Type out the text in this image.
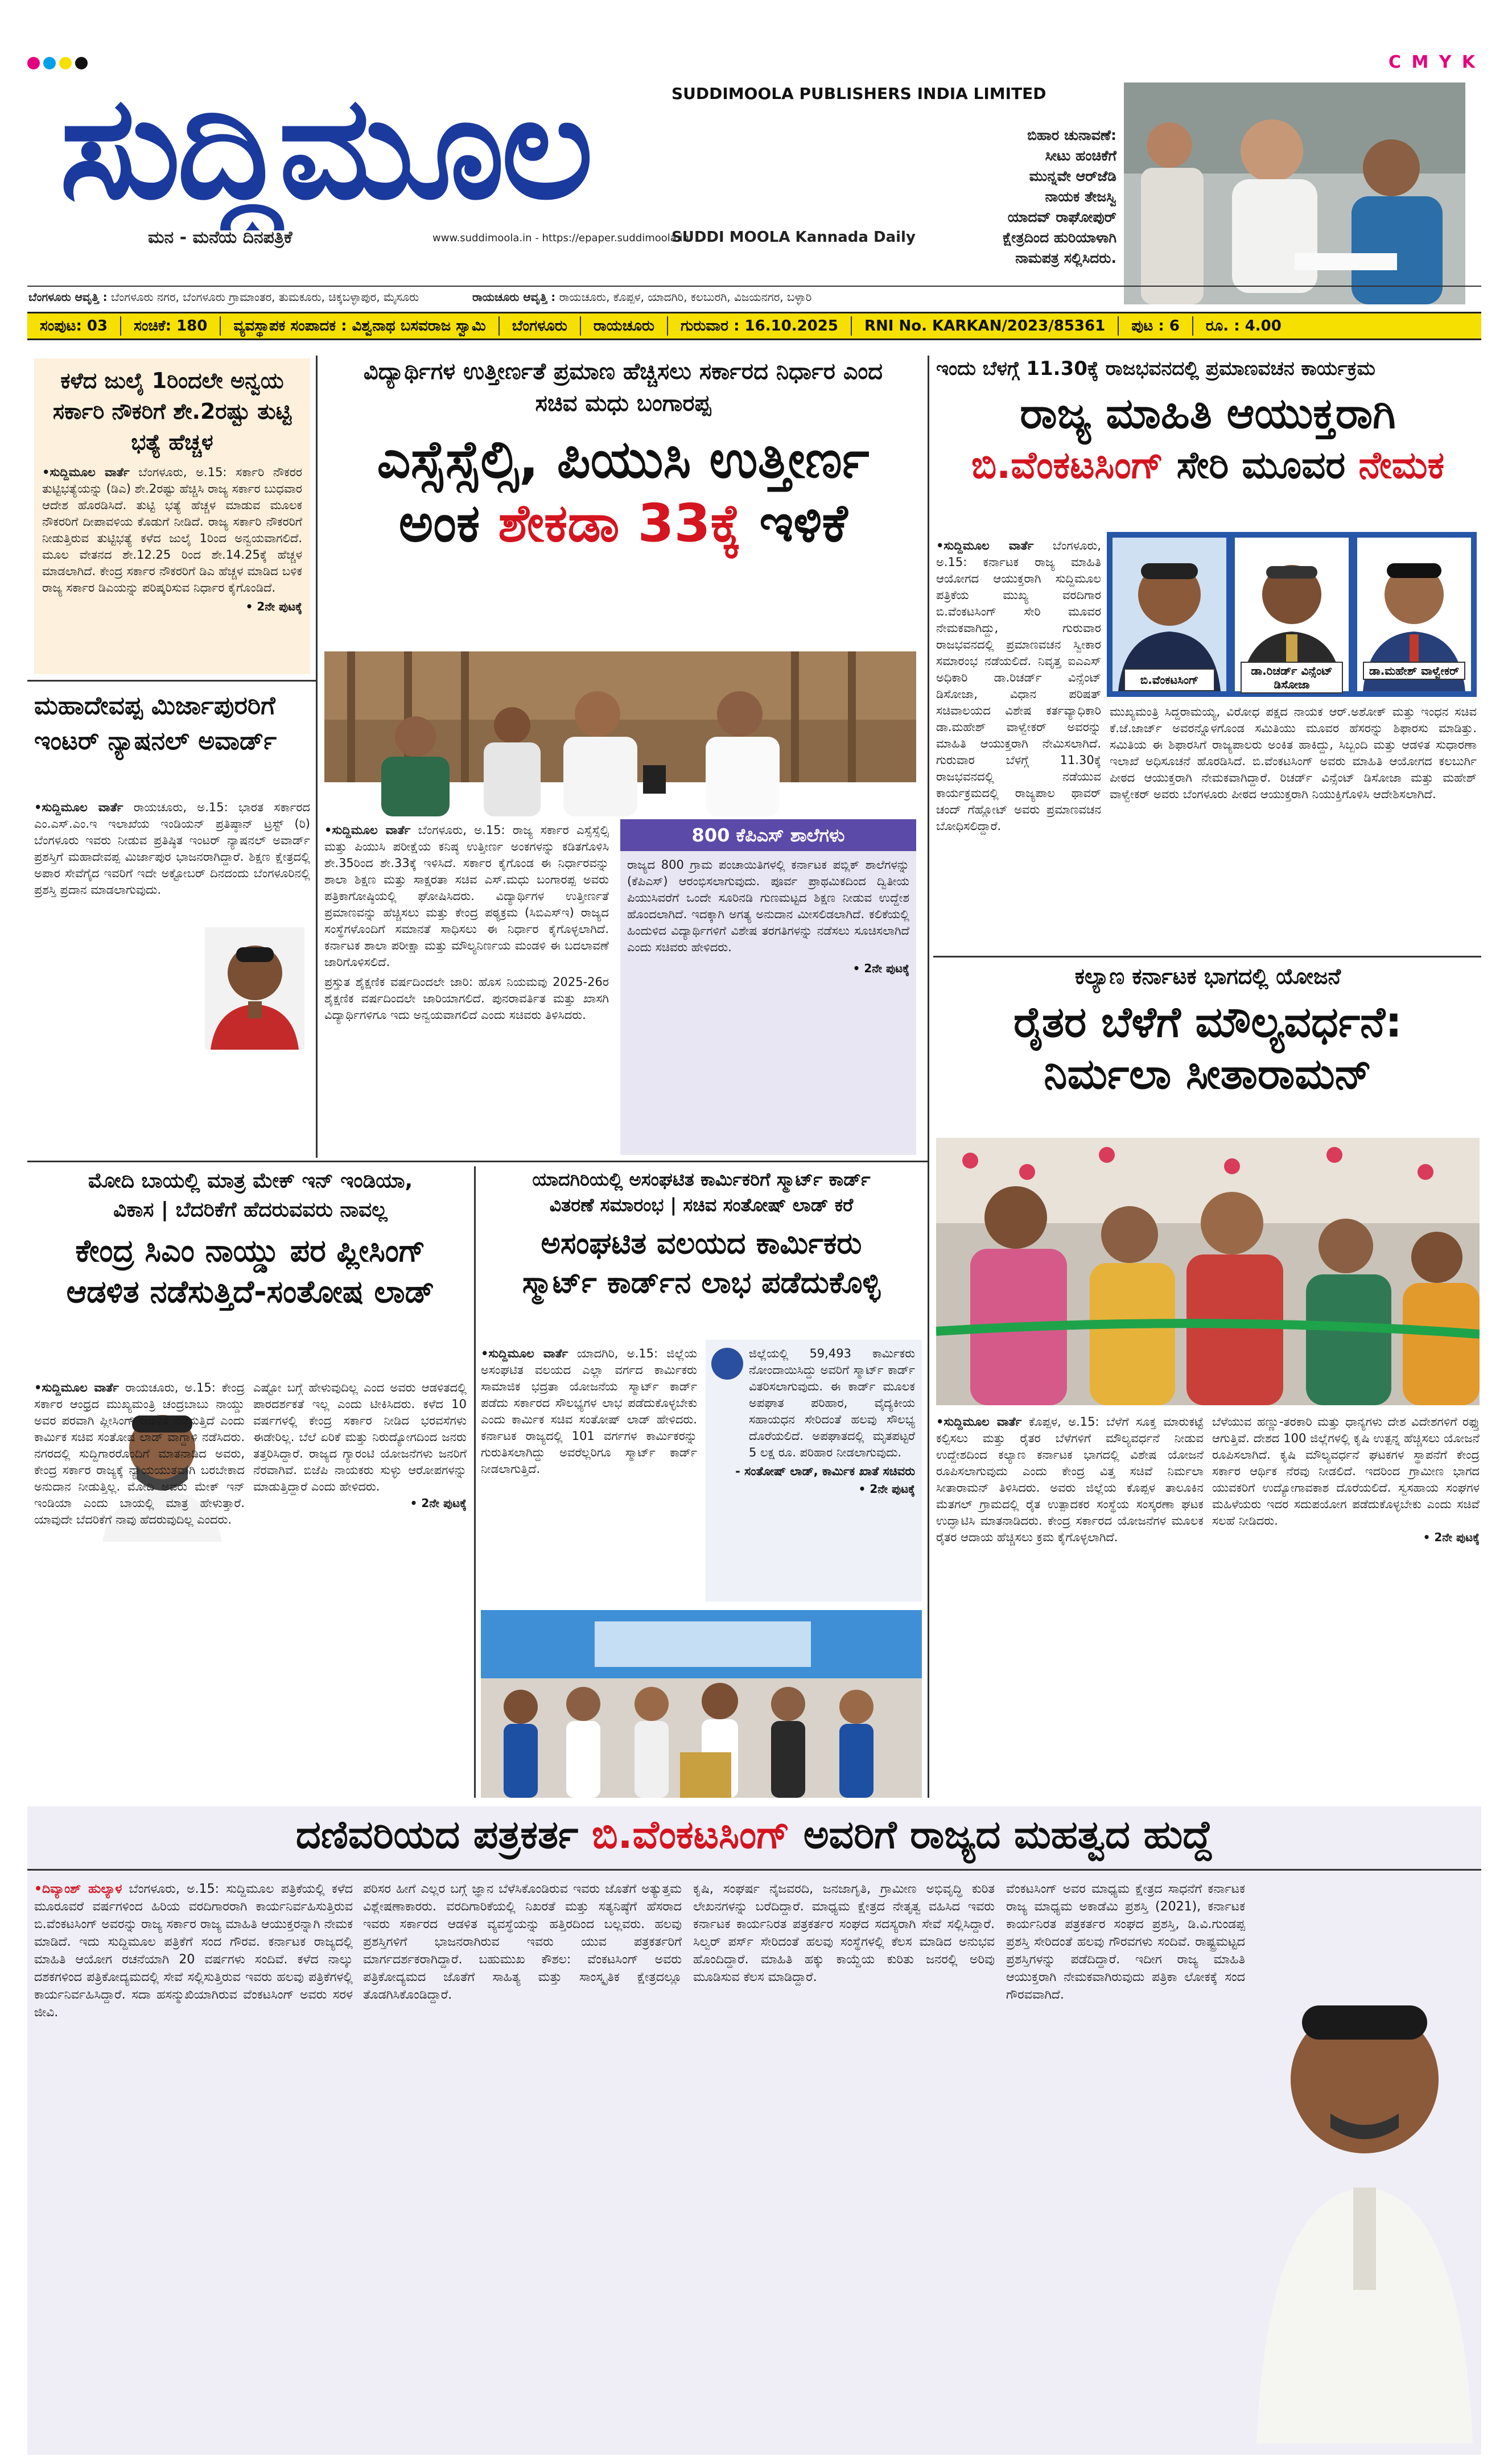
C M Y K
ಸುದ್ದಿಮೂಲ	SUDDIMOOLA PUBLISHERS INDIA LIMITED
ಮನ - ಮನೆಯ ದಿನಪತ್ರಿಕೆ	www.suddimoola.in - https://epaper.suddimoola.in
SUDDI MOOLA Kannada Daily
ಬಿಹಾರ ಚುನಾವಣೆ: ಸೀಟು ಹಂಚಿಕೆಗೆ ಮುನ್ನವೇ ಆರ್‌ಜೆಡಿ ನಾಯಕ ತೇಜಸ್ವಿ ಯಾದವ್ ರಾಘೋಪುರ್ ಕ್ಷೇತ್ರದಿಂದ ಹುರಿಯಾಳಾಗಿ ನಾಮಪತ್ರ ಸಲ್ಲಿಸಿದರು.
ಬೆಂಗಳೂರು ಆವೃತ್ತಿ : ಬೆಂಗಳೂರು ನಗರ, ಬೆಂಗಳೂರು ಗ್ರಾಮಾಂತರ, ತುಮಕೂರು, ಚಿಕ್ಕಬಳ್ಳಾಪುರ, ಮೈಸೂರು	ರಾಯಚೂರು ಆವೃತ್ತಿ : ರಾಯಚೂರು, ಕೊಪ್ಪಳ, ಯಾದಗಿರಿ, ಕಲಬುರಗಿ, ವಿಜಯನಗರ, ಬಳ್ಳಾರಿ
ಸಂಪುಟ: 03	ಸಂಚಿಕೆ: 180	ವ್ಯವಸ್ಥಾಪಕ ಸಂಪಾದಕ : ವಿಶ್ವನಾಥ ಬಸವರಾಜ ಸ್ವಾಮಿ	ಬೆಂಗಳೂರು	ರಾಯಚೂರು	ಗುರುವಾರ : 16.10.2025	RNI No. KARKAN/2023/85361	ಪುಟ : 6	ರೂ. : 4.00
ಕಳೆದ ಜುಲೈ 1ರಿಂದಲೇ ಅನ್ವಯ ಸರ್ಕಾರಿ ನೌಕರಿಗೆ ಶೇ.2ರಷ್ಟು ತುಟ್ಟಿ ಭತ್ಯೆ ಹೆಚ್ಚಳ
•ಸುದ್ದಿಮೂಲ ವಾರ್ತೆ ಬೆಂಗಳೂರು, ಅ.15: ಸರ್ಕಾರಿ ನೌಕರರ ತುಟ್ಟಿಭತ್ಯೆಯನ್ನು (ಡಿಎ) ಶೇ.2ರಷ್ಟು ಹೆಚ್ಚಿಸಿ ರಾಜ್ಯ ಸರ್ಕಾರ ಬುಧವಾರ ಆದೇಶ ಹೊರಡಿಸಿದೆ. ತುಟ್ಟಿ ಭತ್ಯೆ ಹೆಚ್ಚಳ ಮಾಡುವ ಮೂಲಕ ನೌಕರರಿಗೆ ದೀಪಾವಳಿಯ ಕೊಡುಗೆ ನೀಡಿದೆ. ರಾಜ್ಯ ಸರ್ಕಾರಿ ನೌಕರರಿಗೆ ನೀಡುತ್ತಿರುವ ತುಟ್ಟಿಭತ್ಯೆ ಕಳೆದ ಜುಲೈ 1ರಿಂದ ಅನ್ವಯವಾಗಲಿದೆ. ಮೂಲ ವೇತನದ ಶೇ.12.25 ರಿಂದ ಶೇ.14.25ಕ್ಕೆ ಹೆಚ್ಚಳ ಮಾಡಲಾಗಿದೆ. ಕೇಂದ್ರ ಸರ್ಕಾರ ನೌಕರರಿಗೆ ಡಿಎ ಹೆಚ್ಚಳ ಮಾಡಿದ ಬಳಿಕ ರಾಜ್ಯ ಸರ್ಕಾರ ಡಿಎಯನ್ನು ಪರಿಷ್ಕರಿಸುವ ನಿರ್ಧಾರ ಕೈಗೊಂಡಿದೆ.
• 2ನೇ ಪುಟಕ್ಕೆ
ಮಹಾದೇವಪ್ಪ ಮಿರ್ಜಾಪುರರಿಗೆ ಇಂಟರ್ ನ್ಯಾಷನಲ್ ಅವಾರ್ಡ್
•ಸುದ್ದಿಮೂಲ ವಾರ್ತೆ ರಾಯಚೂರು, ಅ.15: ಭಾರತ ಸರ್ಕಾರದ ಎಂ.ಎಸ್.ಎಂ.ಇ ಇಲಾಖೆಯ ಇಂಡಿಯನ್ ಪ್ರತಿಷ್ಠಾನ್ ಟ್ರಸ್ಟ್ (ರಿ) ಬೆಂಗಳೂರು ಇವರು ನೀಡುವ ಪ್ರತಿಷ್ಠಿತ ಇಂಟರ್ ನ್ಯಾಷನಲ್ ಅವಾರ್ಡ್ ಪ್ರಶಸ್ತಿಗೆ ಮಹಾದೇವಪ್ಪ ಮಿರ್ಜಾಪುರ ಭಾಜನರಾಗಿದ್ದಾರೆ. ಶಿಕ್ಷಣ ಕ್ಷೇತ್ರದಲ್ಲಿ ಅಪಾರ ಸೇವೆಗೈದ ಇವರಿಗೆ ಇದೇ ಅಕ್ಟೋಬರ್ ದಿನದಂದು ಬೆಂಗಳೂರಿನಲ್ಲಿ ಪ್ರಶಸ್ತಿ ಪ್ರದಾನ ಮಾಡಲಾಗುವುದು.
ವಿದ್ಯಾರ್ಥಿಗಳ ಉತ್ತೀರ್ಣತೆ ಪ್ರಮಾಣ ಹೆಚ್ಚಿಸಲು ಸರ್ಕಾರದ ನಿರ್ಧಾರ ಎಂದ ಸಚಿವ ಮಧು ಬಂಗಾರಪ್ಪ
ಎಸ್ಸೆಸ್ಸೆಲ್ಸಿ, ಪಿಯುಸಿ ಉತ್ತೀರ್ಣ
ಅಂಕ ಶೇಕಡಾ 33ಕ್ಕೆ ಇಳಿಕೆ
•ಸುದ್ದಿಮೂಲ ವಾರ್ತೆ ಬೆಂಗಳೂರು, ಅ.15: ರಾಜ್ಯ ಸರ್ಕಾರ ಎಸ್ಸೆಸ್ಸೆಲ್ಸಿ ಮತ್ತು ಪಿಯುಸಿ ಪರೀಕ್ಷೆಯ ಕನಿಷ್ಠ ಉತ್ತೀರ್ಣ ಅಂಕಗಳನ್ನು ಕಡಿತಗೊಳಿಸಿ ಶೇ.35ರಿಂದ ಶೇ.33ಕ್ಕೆ ಇಳಿಸಿದೆ. ಸರ್ಕಾರ ಕೈಗೊಂಡ ಈ ನಿರ್ಧಾರವನ್ನು ಶಾಲಾ ಶಿಕ್ಷಣ ಮತ್ತು ಸಾಕ್ಷರತಾ ಸಚಿವ ಎಸ್.ಮಧು ಬಂಗಾರಪ್ಪ ಅವರು ಪತ್ರಿಕಾಗೋಷ್ಠಿಯಲ್ಲಿ ಘೋಷಿಸಿದರು. ವಿದ್ಯಾರ್ಥಿಗಳ ಉತ್ತೀರ್ಣತೆ ಪ್ರಮಾಣವನ್ನು ಹೆಚ್ಚಿಸಲು ಮತ್ತು ಕೇಂದ್ರ ಪಠ್ಯಕ್ರಮ (ಸಿಬಿಎಸ್‌ಇ) ರಾಜ್ಯದ ಸಂಸ್ಥೆಗಳೊಂದಿಗೆ ಸಮಾನತೆ ಸಾಧಿಸಲು ಈ ನಿರ್ಧಾರ ಕೈಗೊಳ್ಳಲಾಗಿದೆ. ಕರ್ನಾಟಕ ಶಾಲಾ ಪರೀಕ್ಷಾ ಮತ್ತು ಮೌಲ್ಯನಿರ್ಣಯ ಮಂಡಳಿ ಈ ಬದಲಾವಣೆ ಜಾರಿಗೊಳಿಸಲಿದೆ.
ಪ್ರಸ್ತುತ ಶೈಕ್ಷಣಿಕ ವರ್ಷದಿಂದಲೇ ಜಾರಿ: ಹೊಸ ನಿಯಮವು 2025-26ರ ಶೈಕ್ಷಣಿಕ ವರ್ಷದಿಂದಲೇ ಜಾರಿಯಾಗಲಿದೆ. ಪುನರಾವರ್ತಿತ ಮತ್ತು ಖಾಸಗಿ ವಿದ್ಯಾರ್ಥಿಗಳಿಗೂ ಇದು ಅನ್ವಯವಾಗಲಿದೆ ಎಂದು ಸಚಿವರು ತಿಳಿಸಿದರು.
800 ಕೆಪಿಎಸ್ ಶಾಲೆಗಳು
ರಾಜ್ಯದ 800 ಗ್ರಾಮ ಪಂಚಾಯಿತಿಗಳಲ್ಲಿ ಕರ್ನಾಟಕ ಪಬ್ಲಿಕ್ ಶಾಲೆಗಳನ್ನು (ಕೆಪಿಎಸ್) ಆರಂಭಿಸಲಾಗುವುದು. ಪೂರ್ವ ಪ್ರಾಥಮಿಕದಿಂದ ದ್ವಿತೀಯ ಪಿಯುಸಿವರೆಗೆ ಒಂದೇ ಸೂರಿನಡಿ ಗುಣಮಟ್ಟದ ಶಿಕ್ಷಣ ನೀಡುವ ಉದ್ದೇಶ ಹೊಂದಲಾಗಿದೆ. ಇದಕ್ಕಾಗಿ ಅಗತ್ಯ ಅನುದಾನ ಮೀಸಲಿಡಲಾಗಿದೆ. ಕಲಿಕೆಯಲ್ಲಿ ಹಿಂದುಳಿದ ವಿದ್ಯಾರ್ಥಿಗಳಿಗೆ ವಿಶೇಷ ತರಗತಿಗಳನ್ನು ನಡೆಸಲು ಸೂಚಿಸಲಾಗಿದೆ ಎಂದು ಸಚಿವರು ಹೇಳಿದರು.
• 2ನೇ ಪುಟಕ್ಕೆ
ಇಂದು ಬೆಳಗ್ಗೆ 11.30ಕ್ಕೆ ರಾಜಭವನದಲ್ಲಿ ಪ್ರಮಾಣವಚನ ಕಾರ್ಯಕ್ರಮ
ರಾಜ್ಯ ಮಾಹಿತಿ ಆಯುಕ್ತರಾಗಿ
ಬಿ.ವೆಂಕಟಸಿಂಗ್ ಸೇರಿ ಮೂವರ ನೇಮಕ
ಬಿ.ವೆಂಕಟಸಿಂಗ್
ಡಾ.ರಿಚರ್ಡ್ ವಿನ್ಸೆಂಟ್ ಡಿಸೋಜಾ
ಡಾ.ಮಹೇಶ್ ವಾಳ್ವೇಕರ್
•ಸುದ್ದಿಮೂಲ ವಾರ್ತೆ ಬೆಂಗಳೂರು, ಅ.15: ಕರ್ನಾಟಕ ರಾಜ್ಯ ಮಾಹಿತಿ ಆಯೋಗದ ಆಯುಕ್ತರಾಗಿ ಸುದ್ದಿಮೂಲ ಪತ್ರಿಕೆಯ ಮುಖ್ಯ ವರದಿಗಾರ ಬಿ.ವೆಂಕಟಸಿಂಗ್ ಸೇರಿ ಮೂವರ ನೇಮಕವಾಗಿದ್ದು, ಗುರುವಾರ ರಾಜಭವನದಲ್ಲಿ ಪ್ರಮಾಣವಚನ ಸ್ವೀಕಾರ ಸಮಾರಂಭ ನಡೆಯಲಿದೆ. ನಿವೃತ್ತ ಐಎಎಸ್ ಅಧಿಕಾರಿ ಡಾ.ರಿಚರ್ಡ್ ವಿನ್ಸೆಂಟ್ ಡಿಸೋಜಾ, ವಿಧಾನ ಪರಿಷತ್ ಸಚಿವಾಲಯದ ವಿಶೇಷ ಕರ್ತವ್ಯಾಧಿಕಾರಿ ಡಾ.ಮಹೇಶ್ ವಾಳ್ವೇಕರ್ ಅವರನ್ನು ಮಾಹಿತಿ ಆಯುಕ್ತರಾಗಿ ನೇಮಿಸಲಾಗಿದೆ. ಗುರುವಾರ ಬೆಳಗ್ಗೆ 11.30ಕ್ಕೆ ರಾಜಭವನದಲ್ಲಿ ನಡೆಯುವ ಕಾರ್ಯಕ್ರಮದಲ್ಲಿ ರಾಜ್ಯಪಾಲ ಥಾವರ್ ಚಂದ್ ಗೆಹ್ಲೋಟ್ ಅವರು ಪ್ರಮಾಣವಚನ ಬೋಧಿಸಲಿದ್ದಾರೆ.
ಮುಖ್ಯಮಂತ್ರಿ ಸಿದ್ದರಾಮಯ್ಯ, ವಿರೋಧ ಪಕ್ಷದ ನಾಯಕ ಆರ್.ಅಶೋಕ್ ಮತ್ತು ಇಂಧನ ಸಚಿವ ಕೆ.ಜೆ.ಜಾರ್ಜ್ ಅವರನ್ನೊಳಗೊಂಡ ಸಮಿತಿಯು ಮೂವರ ಹೆಸರನ್ನು ಶಿಫಾರಸು ಮಾಡಿತ್ತು. ಸಮಿತಿಯ ಈ ಶಿಫಾರಸಿಗೆ ರಾಜ್ಯಪಾಲರು ಅಂಕಿತ ಹಾಕಿದ್ದು, ಸಿಬ್ಬಂದಿ ಮತ್ತು ಆಡಳಿತ ಸುಧಾರಣಾ ಇಲಾಖೆ ಅಧಿಸೂಚನೆ ಹೊರಡಿಸಿದೆ. ಬಿ.ವೆಂಕಟಸಿಂಗ್ ಅವರು ಮಾಹಿತಿ ಆಯೋಗದ ಕಲಬುರ್ಗಿ ಪೀಠದ ಆಯುಕ್ತರಾಗಿ ನೇಮಕವಾಗಿದ್ದಾರೆ. ರಿಚರ್ಡ್ ವಿನ್ಸೆಂಟ್ ಡಿಸೋಜಾ ಮತ್ತು ಮಹೇಶ್ ವಾಳ್ವೇಕರ್ ಅವರು ಬೆಂಗಳೂರು ಪೀಠದ ಆಯುಕ್ತರಾಗಿ ನಿಯುಕ್ತಿಗೊಳಿಸಿ ಆದೇಶಿಸಲಾಗಿದೆ.
ಕಲ್ಯಾಣ ಕರ್ನಾಟಕ ಭಾಗದಲ್ಲಿ ಯೋಜನೆ
ರೈತರ ಬೆಳೆಗೆ ಮೌಲ್ಯವರ್ಧನೆ:
ನಿರ್ಮಲಾ ಸೀತಾರಾಮನ್
•ಸುದ್ದಿಮೂಲ ವಾರ್ತೆ ಕೊಪ್ಪಳ, ಅ.15: ಬೆಳೆಗೆ ಸೂಕ್ತ ಮಾರುಕಟ್ಟೆ ಕಲ್ಪಿಸಲು ಮತ್ತು ರೈತರ ಬೆಳೆಗಳಿಗೆ ಮೌಲ್ಯವರ್ಧನೆ ನೀಡುವ ಉದ್ದೇಶದಿಂದ ಕಲ್ಯಾಣ ಕರ್ನಾಟಕ ಭಾಗದಲ್ಲಿ ವಿಶೇಷ ಯೋಜನೆ ರೂಪಿಸಲಾಗುವುದು ಎಂದು ಕೇಂದ್ರ ವಿತ್ತ ಸಚಿವೆ ನಿರ್ಮಲಾ ಸೀತಾರಾಮನ್ ತಿಳಿಸಿದರು. ಅವರು ಜಿಲ್ಲೆಯ ಕೊಪ್ಪಳ ತಾಲೂಕಿನ ಮೆತಗಲ್ ಗ್ರಾಮದಲ್ಲಿ ರೈತ ಉತ್ಪಾದಕರ ಸಂಸ್ಥೆಯ ಸಂಸ್ಕರಣಾ ಘಟಕ ಉದ್ಘಾಟಿಸಿ ಮಾತನಾಡಿದರು. ಕೇಂದ್ರ ಸರ್ಕಾರದ ಯೋಜನೆಗಳ ಮೂಲಕ ರೈತರ ಆದಾಯ ಹೆಚ್ಚಿಸಲು ಕ್ರಮ ಕೈಗೊಳ್ಳಲಾಗಿದೆ.
ಬೆಳೆಯುವ ಹಣ್ಣು-ತರಕಾರಿ ಮತ್ತು ಧಾನ್ಯಗಳು ದೇಶ ವಿದೇಶಗಳಿಗೆ ರಫ್ತು ಆಗುತ್ತಿವೆ. ದೇಶದ 100 ಜಿಲ್ಲೆಗಳಲ್ಲಿ ಕೃಷಿ ಉತ್ಪನ್ನ ಹೆಚ್ಚಿಸಲು ಯೋಜನೆ ರೂಪಿಸಲಾಗಿದೆ. ಕೃಷಿ ಮೌಲ್ಯವರ್ಧನೆ ಘಟಕಗಳ ಸ್ಥಾಪನೆಗೆ ಕೇಂದ್ರ ಸರ್ಕಾರ ಆರ್ಥಿಕ ನೆರವು ನೀಡಲಿದೆ. ಇದರಿಂದ ಗ್ರಾಮೀಣ ಭಾಗದ ಯುವಕರಿಗೆ ಉದ್ಯೋಗಾವಕಾಶ ದೊರೆಯಲಿದೆ. ಸ್ವಸಹಾಯ ಸಂಘಗಳ ಮಹಿಳೆಯರು ಇದರ ಸದುಪಯೋಗ ಪಡೆದುಕೊಳ್ಳಬೇಕು ಎಂದು ಸಚಿವೆ ಸಲಹೆ ನೀಡಿದರು.
• 2ನೇ ಪುಟಕ್ಕೆ
ಮೋದಿ ಬಾಯಲ್ಲಿ ಮಾತ್ರ ಮೇಕ್ ಇನ್ ಇಂಡಿಯಾ,
ವಿಕಾಸ | ಬೆದರಿಕೆಗೆ ಹೆದರುವವರು ನಾವಲ್ಲ
ಕೇಂದ್ರ ಸಿಎಂ ನಾಯ್ಡು ಪರ ಪ್ಲೀಸಿಂಗ್
ಆಡಳಿತ ನಡೆಸುತ್ತಿದೆ-ಸಂತೋಷ ಲಾಡ್
•ಸುದ್ದಿಮೂಲ ವಾರ್ತೆ ರಾಯಚೂರು, ಅ.15: ಕೇಂದ್ರ ಸರ್ಕಾರ ಆಂಧ್ರದ ಮುಖ್ಯಮಂತ್ರಿ ಚಂದ್ರಬಾಬು ನಾಯ್ಡು ಅವರ ಪರವಾಗಿ ಪ್ಲೀಸಿಂಗ್ ಆಡಳಿತ ನಡೆಸುತ್ತಿದೆ ಎಂದು ಕಾರ್ಮಿಕ ಸಚಿವ ಸಂತೋಷ ಲಾಡ್ ವಾಗ್ದಾಳಿ ನಡೆಸಿದರು. ನಗರದಲ್ಲಿ ಸುದ್ದಿಗಾರರೊಂದಿಗೆ ಮಾತನಾಡಿದ ಅವರು, ಕೇಂದ್ರ ಸರ್ಕಾರ ರಾಜ್ಯಕ್ಕೆ ನ್ಯಾಯಯುತವಾಗಿ ಬರಬೇಕಾದ ಅನುದಾನ ನೀಡುತ್ತಿಲ್ಲ. ಮೋದಿ ಅವರು ಮೇಕ್ ಇನ್ ಇಂಡಿಯಾ ಎಂದು ಬಾಯಲ್ಲಿ ಮಾತ್ರ ಹೇಳುತ್ತಾರೆ. ಯಾವುದೇ ಬೆದರಿಕೆಗೆ ನಾವು ಹೆದರುವುದಿಲ್ಲ ಎಂದರು.
ಎಷ್ಟೋ ಬಗ್ಗೆ ಹೇಳುವುದಿಲ್ಲ ಎಂದ ಅವರು ಆಡಳಿತದಲ್ಲಿ ಪಾರದರ್ಶಕತೆ ಇಲ್ಲ ಎಂದು ಟೀಕಿಸಿದರು. ಕಳೆದ 10 ವರ್ಷಗಳಲ್ಲಿ ಕೇಂದ್ರ ಸರ್ಕಾರ ನೀಡಿದ ಭರವಸೆಗಳು ಈಡೇರಿಲ್ಲ. ಬೆಲೆ ಏರಿಕೆ ಮತ್ತು ನಿರುದ್ಯೋಗದಿಂದ ಜನರು ತತ್ತರಿಸಿದ್ದಾರೆ. ರಾಜ್ಯದ ಗ್ಯಾರಂಟಿ ಯೋಜನೆಗಳು ಜನರಿಗೆ ನೆರವಾಗಿವೆ. ಬಿಜೆಪಿ ನಾಯಕರು ಸುಳ್ಳು ಆರೋಪಗಳನ್ನು ಮಾಡುತ್ತಿದ್ದಾರೆ ಎಂದು ಹೇಳಿದರು.
• 2ನೇ ಪುಟಕ್ಕೆ
ಯಾದಗಿರಿಯಲ್ಲಿ ಅಸಂಘಟಿತ ಕಾರ್ಮಿಕರಿಗೆ ಸ್ಮಾರ್ಟ್ ಕಾರ್ಡ್
ವಿತರಣೆ ಸಮಾರಂಭ | ಸಚಿವ ಸಂತೋಷ್ ಲಾಡ್ ಕರೆ
ಅಸಂಘಟಿತ ವಲಯದ ಕಾರ್ಮಿಕರು
ಸ್ಮಾರ್ಟ್ ಕಾರ್ಡ್‌ನ ಲಾಭ ಪಡೆದುಕೊಳ್ಳಿ
•ಸುದ್ದಿಮೂಲ ವಾರ್ತೆ ಯಾದಗಿರಿ, ಅ.15: ಜಿಲ್ಲೆಯ ಅಸಂಘಟಿತ ವಲಯದ ಎಲ್ಲಾ ವರ್ಗದ ಕಾರ್ಮಿಕರು ಸಾಮಾಜಿಕ ಭದ್ರತಾ ಯೋಜನೆಯ ಸ್ಮಾರ್ಟ್ ಕಾರ್ಡ್ ಪಡೆದು ಸರ್ಕಾರದ ಸೌಲಭ್ಯಗಳ ಲಾಭ ಪಡೆದುಕೊಳ್ಳಬೇಕು ಎಂದು ಕಾರ್ಮಿಕ ಸಚಿವ ಸಂತೋಷ್ ಲಾಡ್ ಹೇಳಿದರು. ಕರ್ನಾಟಕ ರಾಜ್ಯದಲ್ಲಿ 101 ವರ್ಗಗಳ ಕಾರ್ಮಿಕರನ್ನು ಗುರುತಿಸಲಾಗಿದ್ದು ಅವರೆಲ್ಲರಿಗೂ ಸ್ಮಾರ್ಟ್ ಕಾರ್ಡ್ ನೀಡಲಾಗುತ್ತಿದೆ.
ಜಿಲ್ಲೆಯಲ್ಲಿ 59,493 ಕಾರ್ಮಿಕರು ನೋಂದಾಯಿಸಿದ್ದು ಅವರಿಗೆ ಸ್ಮಾರ್ಟ್ ಕಾರ್ಡ್ ವಿತರಿಸಲಾಗುವುದು. ಈ ಕಾರ್ಡ್ ಮೂಲಕ ಅಪಘಾತ ಪರಿಹಾರ, ವೈದ್ಯಕೀಯ ಸಹಾಯಧನ ಸೇರಿದಂತೆ ಹಲವು ಸೌಲಭ್ಯ ದೊರೆಯಲಿದೆ. ಅಪಘಾತದಲ್ಲಿ ಮೃತಪಟ್ಟರೆ 5 ಲಕ್ಷ ರೂ. ಪರಿಹಾರ ನೀಡಲಾಗುವುದು.
- ಸಂತೋಷ್ ಲಾಡ್, ಕಾರ್ಮಿಕ ಖಾತೆ ಸಚಿವರು
• 2ನೇ ಪುಟಕ್ಕೆ
ದಣಿವರಿಯದ ಪತ್ರಕರ್ತ ಬಿ.ವೆಂಕಟಸಿಂಗ್ ಅವರಿಗೆ ರಾಜ್ಯದ ಮಹತ್ವದ ಹುದ್ದೆ
•ದಿವ್ಯಾಂಶ್ ಹುಲ್ಯಾಳ ಬೆಂಗಳೂರು, ಅ.15: ಸುದ್ದಿಮೂಲ ಪತ್ರಿಕೆಯಲ್ಲಿ ಕಳೆದ ಮೂರೂವರೆ ವರ್ಷಗಳಿಂದ ಹಿರಿಯ ವರದಿಗಾರರಾಗಿ ಕಾರ್ಯನಿರ್ವಹಿಸುತ್ತಿರುವ ಬಿ.ವೆಂಕಟಸಿಂಗ್ ಅವರನ್ನು ರಾಜ್ಯ ಸರ್ಕಾರ ರಾಜ್ಯ ಮಾಹಿತಿ ಆಯುಕ್ತರನ್ನಾಗಿ ನೇಮಕ ಮಾಡಿದೆ. ಇದು ಸುದ್ದಿಮೂಲ ಪತ್ರಿಕೆಗೆ ಸಂದ ಗೌರವ. ಕರ್ನಾಟಕ ರಾಜ್ಯದಲ್ಲಿ ಮಾಹಿತಿ ಆಯೋಗ ರಚನೆಯಾಗಿ 20 ವರ್ಷಗಳು ಸಂದಿವೆ. ಕಳೆದ ನಾಲ್ಕು ದಶಕಗಳಿಂದ ಪತ್ರಿಕೋದ್ಯಮದಲ್ಲಿ ಸೇವೆ ಸಲ್ಲಿಸುತ್ತಿರುವ ಇವರು ಹಲವು ಪತ್ರಿಕೆಗಳಲ್ಲಿ ಕಾರ್ಯನಿರ್ವಹಿಸಿದ್ದಾರೆ. ಸದಾ ಹಸನ್ಮುಖಿಯಾಗಿರುವ ವೆಂಕಟಸಿಂಗ್ ಅವರು ಸರಳ ಜೀವಿ.
ಪರಿಸರ ಹೀಗೆ ಎಲ್ಲರ ಬಗ್ಗೆ ಜ್ಞಾನ ಬೆಳೆಸಿಕೊಂಡಿರುವ ಇವರು ಜೊತೆಗೆ ಅತ್ಯುತ್ತಮ ವಿಶ್ಲೇಷಣಾಕಾರರು. ವರದಿಗಾರಿಕೆಯಲ್ಲಿ ನಿಖರತೆ ಮತ್ತು ಸತ್ಯನಿಷ್ಠೆಗೆ ಹೆಸರಾದ ಇವರು ಸರ್ಕಾರದ ಆಡಳಿತ ವ್ಯವಸ್ಥೆಯನ್ನು ಹತ್ತಿರದಿಂದ ಬಲ್ಲವರು. ಹಲವು ಪ್ರಶಸ್ತಿಗಳಿಗೆ ಭಾಜನರಾಗಿರುವ ಇವರು ಯುವ ಪತ್ರಕರ್ತರಿಗೆ ಮಾರ್ಗದರ್ಶಕರಾಗಿದ್ದಾರೆ. ಬಹುಮುಖ ಕೌಶಲ: ವೆಂಕಟಸಿಂಗ್ ಅವರು ಪತ್ರಿಕೋದ್ಯಮದ ಜೊತೆಗೆ ಸಾಹಿತ್ಯ ಮತ್ತು ಸಾಂಸ್ಕೃತಿಕ ಕ್ಷೇತ್ರದಲ್ಲೂ ತೊಡಗಿಸಿಕೊಂಡಿದ್ದಾರೆ.
ಕೃಷಿ, ಸಂಘರ್ಷ ನೈಜವರದಿ, ಜನಜಾಗೃತಿ, ಗ್ರಾಮೀಣ ಅಭಿವೃದ್ಧಿ ಕುರಿತ ಲೇಖನಗಳನ್ನು ಬರೆದಿದ್ದಾರೆ. ಮಾಧ್ಯಮ ಕ್ಷೇತ್ರದ ನೇತೃತ್ವ ವಹಿಸಿದ ಇವರು ಕರ್ನಾಟಕ ಕಾರ್ಯನಿರತ ಪತ್ರಕರ್ತರ ಸಂಘದ ಸದಸ್ಯರಾಗಿ ಸೇವೆ ಸಲ್ಲಿಸಿದ್ದಾರೆ. ಸಿಲ್ವರ್ ಪರ್ಸ್‌ ಸೇರಿದಂತೆ ಹಲವು ಸಂಸ್ಥೆಗಳಲ್ಲಿ ಕೆಲಸ ಮಾಡಿದ ಅನುಭವ ಹೊಂದಿದ್ದಾರೆ. ಮಾಹಿತಿ ಹಕ್ಕು ಕಾಯ್ದೆಯ ಕುರಿತು ಜನರಲ್ಲಿ ಅರಿವು ಮೂಡಿಸುವ ಕೆಲಸ ಮಾಡಿದ್ದಾರೆ.
ವೆಂಕಟಸಿಂಗ್ ಅವರ ಮಾಧ್ಯಮ ಕ್ಷೇತ್ರದ ಸಾಧನೆಗೆ ಕರ್ನಾಟಕ ರಾಜ್ಯ ಮಾಧ್ಯಮ ಅಕಾಡೆಮಿ ಪ್ರಶಸ್ತಿ (2021), ಕರ್ನಾಟಕ ಕಾರ್ಯನಿರತ ಪತ್ರಕರ್ತರ ಸಂಘದ ಪ್ರಶಸ್ತಿ, ಡಿ.ವಿ.ಗುಂಡಪ್ಪ ಪ್ರಶಸ್ತಿ ಸೇರಿದಂತೆ ಹಲವು ಗೌರವಗಳು ಸಂದಿವೆ. ರಾಷ್ಟ್ರಮಟ್ಟದ ಪ್ರಶಸ್ತಿಗಳನ್ನು ಪಡೆದಿದ್ದಾರೆ. ಇದೀಗ ರಾಜ್ಯ ಮಾಹಿತಿ ಆಯುಕ್ತರಾಗಿ ನೇಮಕವಾಗಿರುವುದು ಪತ್ರಿಕಾ ಲೋಕಕ್ಕೆ ಸಂದ ಗೌರವವಾಗಿದೆ.
